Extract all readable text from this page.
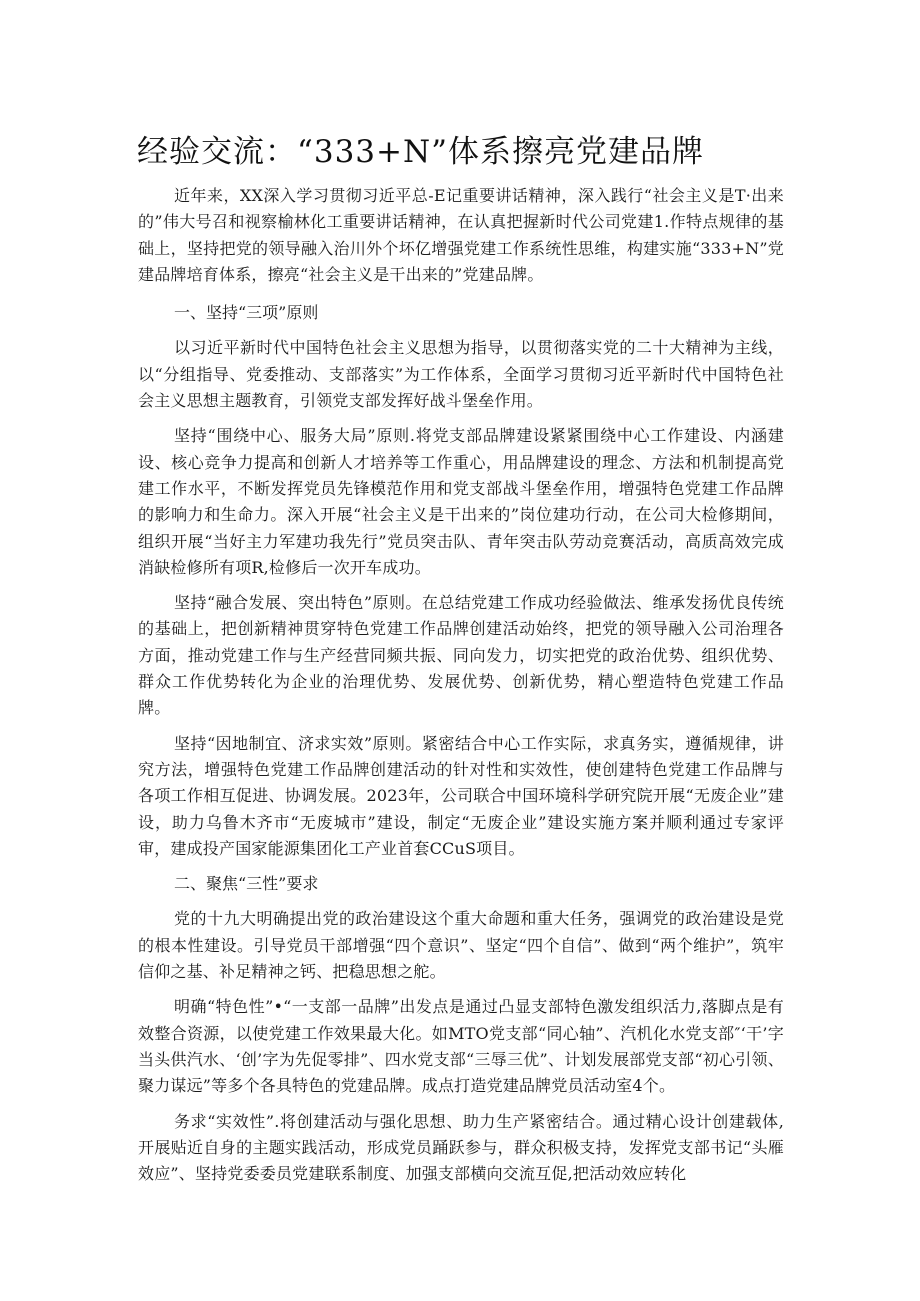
经验交流：“333+N”体系擦亮党建品牌

近年来，XX深入学习贯彻习近平总-E记重要讲话精神，深入践行“社会主义是T·出来的”伟大号召和视察榆林化工重要讲话精神，在认真把握新时代公司党建1.作特点规律的基础上，坚持把党的领导融入治川外个坏亿增强党建工作系统性思维，构建实施“333+N”党建品牌培育体系，擦亮“社会主义是干出来的”党建品牌。

一、坚持“三项”原则

以习近平新时代中国特色社会主义思想为指导，以贯彻落实党的二十大精神为主线，以“分组指导、党委推动、支部落实”为工作体系，全面学习贯彻习近平新时代中国特色社会主义思想主题教育，引领党支部发挥好战斗堡垒作用。

坚持“围绕中心、服务大局”原则.将党支部品牌建设紧紧围绕中心工作建设、内涵建设、核心竞争力提高和创新人才培养等工作重心，用品牌建设的理念、方法和机制提高党建工作水平，不断发挥党员先锋模范作用和党支部战斗堡垒作用，增强特色党建工作品牌的影响力和生命力。深入开展“社会主义是干出来的”岗位建功行动，在公司大检修期间，组织开展“当好主力军建功我先行”党员突击队、青年突击队劳动竞赛活动，高质高效完成消缺检修所有项R,检修后一次开车成功。

坚持“融合发展、突出特色”原则。在总结党建工作成功经验做法、维承发扬优良传统的基础上，把创新精神贯穿特色党建工作品牌创建活动始终，把党的领导融入公司治理各方面，推动党建工作与生产经营同频共振、同向发力，切实把党的政治优势、组织优势、群众工作优势转化为企业的治理优势、发展优势、创新优势，精心塑造特色党建工作品牌。

坚持“因地制宜、济求实效”原则。紧密结合中心工作实际，求真务实，遵循规律，讲究方法，增强特色党建工作品牌创建活动的针对性和实效性，使创建特色党建工作品牌与各项工作相互促进、协调发展。2023年，公司联合中国环境科学研究院开展“无废企业”建设，助力乌鲁木齐市“无废城市”建设，制定“无废企业”建设实施方案并顺利通过专家评审，建成投产国家能源集团化工产业首套CCuS项目。

二、聚焦“三性”要求

党的十九大明确提出党的政治建设这个重大命题和重大任务，强调党的政治建设是党的根本性建设。引导党员干部增强“四个意识”、坚定“四个自信”、做到“两个维护”，筑牢信仰之基、补足精神之钙、把稳思想之舵。

明确“特色性”•“一支部一品牌”出发点是通过凸显支部特色激发组织活力,落脚点是有效整合资源，以使党建工作效果最大化。如MTO党支部“同心轴”、汽机化水党支部″‘干’字当头供汽水、‘创’字为先促零排”、四水党支部“三辱三优”、计划发展部党支部“初心引领、聚力谋远”等多个各具特色的党建品牌。成点打造党建品牌党员活动室4个。

务求“实效性”.将创建活动与强化思想、助力生产紧密结合。通过精心设计创建载体,开展贴近自身的主题实践活动，形成党员踊跃参与，群众积极支持，发挥党支部书记“头雁效应”、坚持党委委员党建联系制度、加强支部横向交流互促,把活动效应转化
